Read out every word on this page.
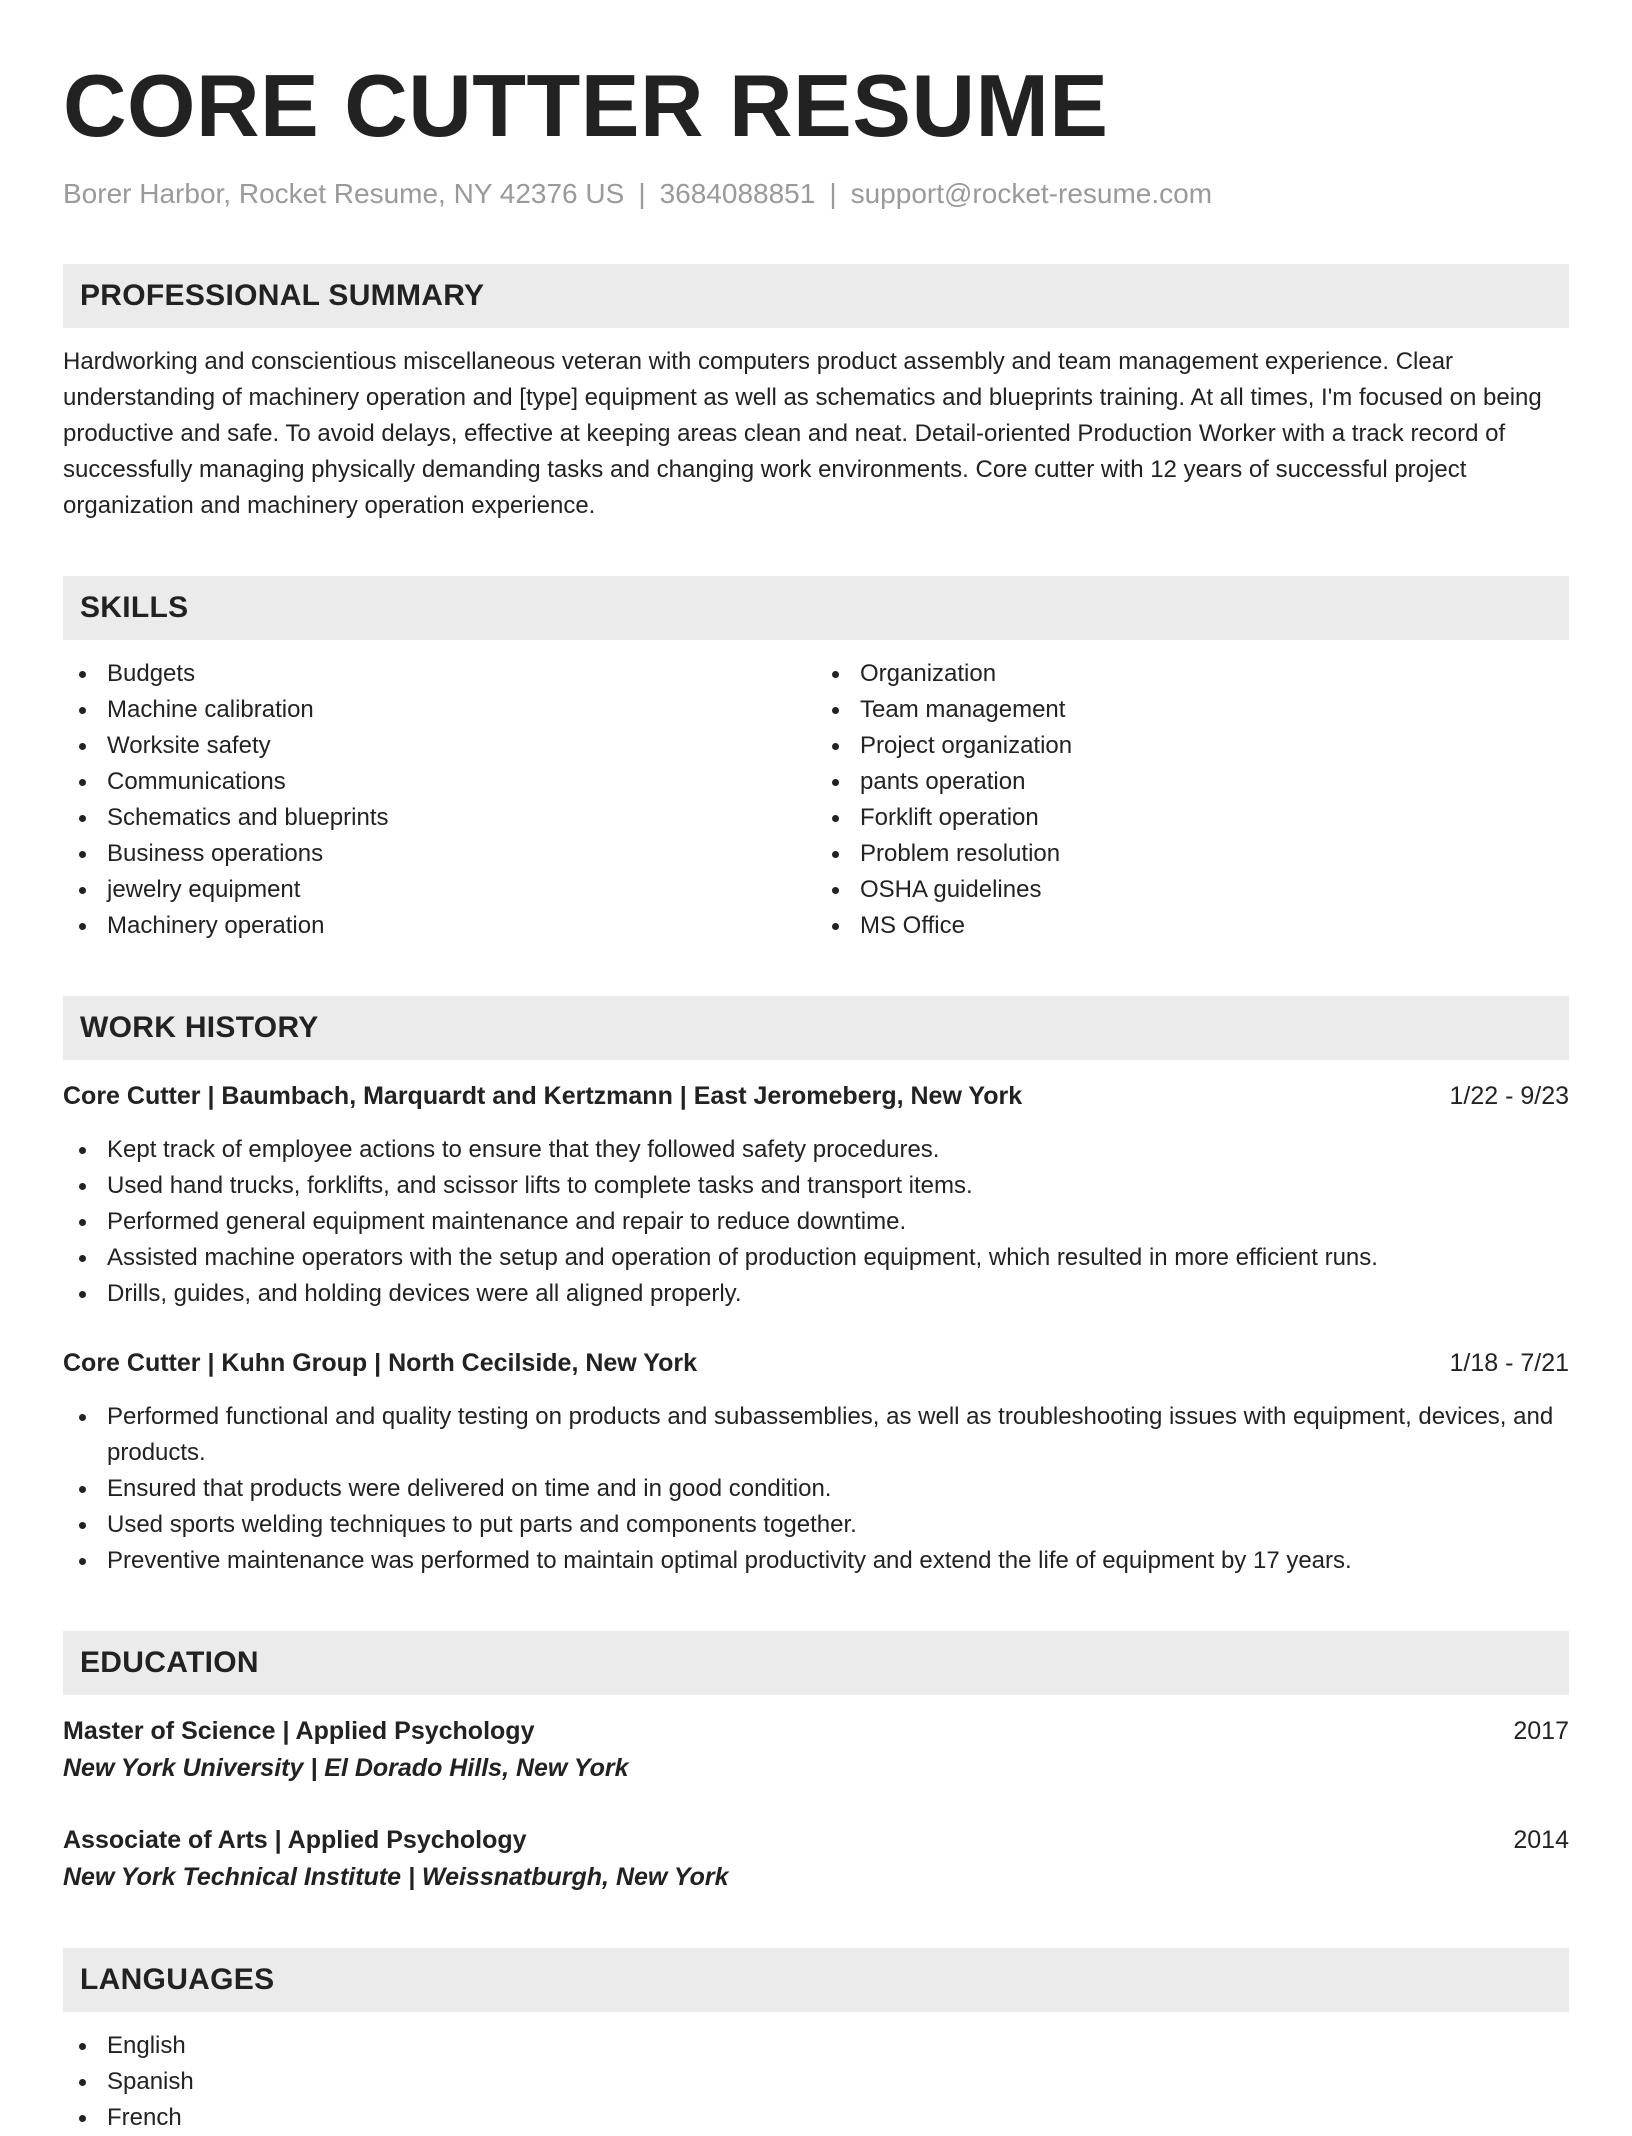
CORE CUTTER RESUME
Borer Harbor, Rocket Resume, NY 42376 US | 3684088851 | support@rocket-resume.com
PROFESSIONAL SUMMARY
Hardworking and conscientious miscellaneous veteran with computers product assembly and team management experience. Clear understanding of machinery operation and [type] equipment as well as schematics and blueprints training. At all times, I'm focused on being productive and safe. To avoid delays, effective at keeping areas clean and neat. Detail-oriented Production Worker with a track record of successfully managing physically demanding tasks and changing work environments. Core cutter with 12 years of successful project organization and machinery operation experience.
SKILLS
Budgets
Machine calibration
Worksite safety
Communications
Schematics and blueprints
Business operations
jewelry equipment
Machinery operation
Organization
Team management
Project organization
pants operation
Forklift operation
Problem resolution
OSHA guidelines
MS Office
WORK HISTORY
Core Cutter | Baumbach, Marquardt and Kertzmann | East Jeromeberg, New York	1/22 - 9/23
Kept track of employee actions to ensure that they followed safety procedures.
Used hand trucks, forklifts, and scissor lifts to complete tasks and transport items.
Performed general equipment maintenance and repair to reduce downtime.
Assisted machine operators with the setup and operation of production equipment, which resulted in more efficient runs.
Drills, guides, and holding devices were all aligned properly.
Core Cutter | Kuhn Group | North Cecilside, New York	1/18 - 7/21
Performed functional and quality testing on products and subassemblies, as well as troubleshooting issues with equipment, devices, and products.
Ensured that products were delivered on time and in good condition.
Used sports welding techniques to put parts and components together.
Preventive maintenance was performed to maintain optimal productivity and extend the life of equipment by 17 years.
EDUCATION
Master of Science | Applied Psychology	2017
New York University | El Dorado Hills, New York
Associate of Arts | Applied Psychology	2014
New York Technical Institute | Weissnatburgh, New York
LANGUAGES
English
Spanish
French
